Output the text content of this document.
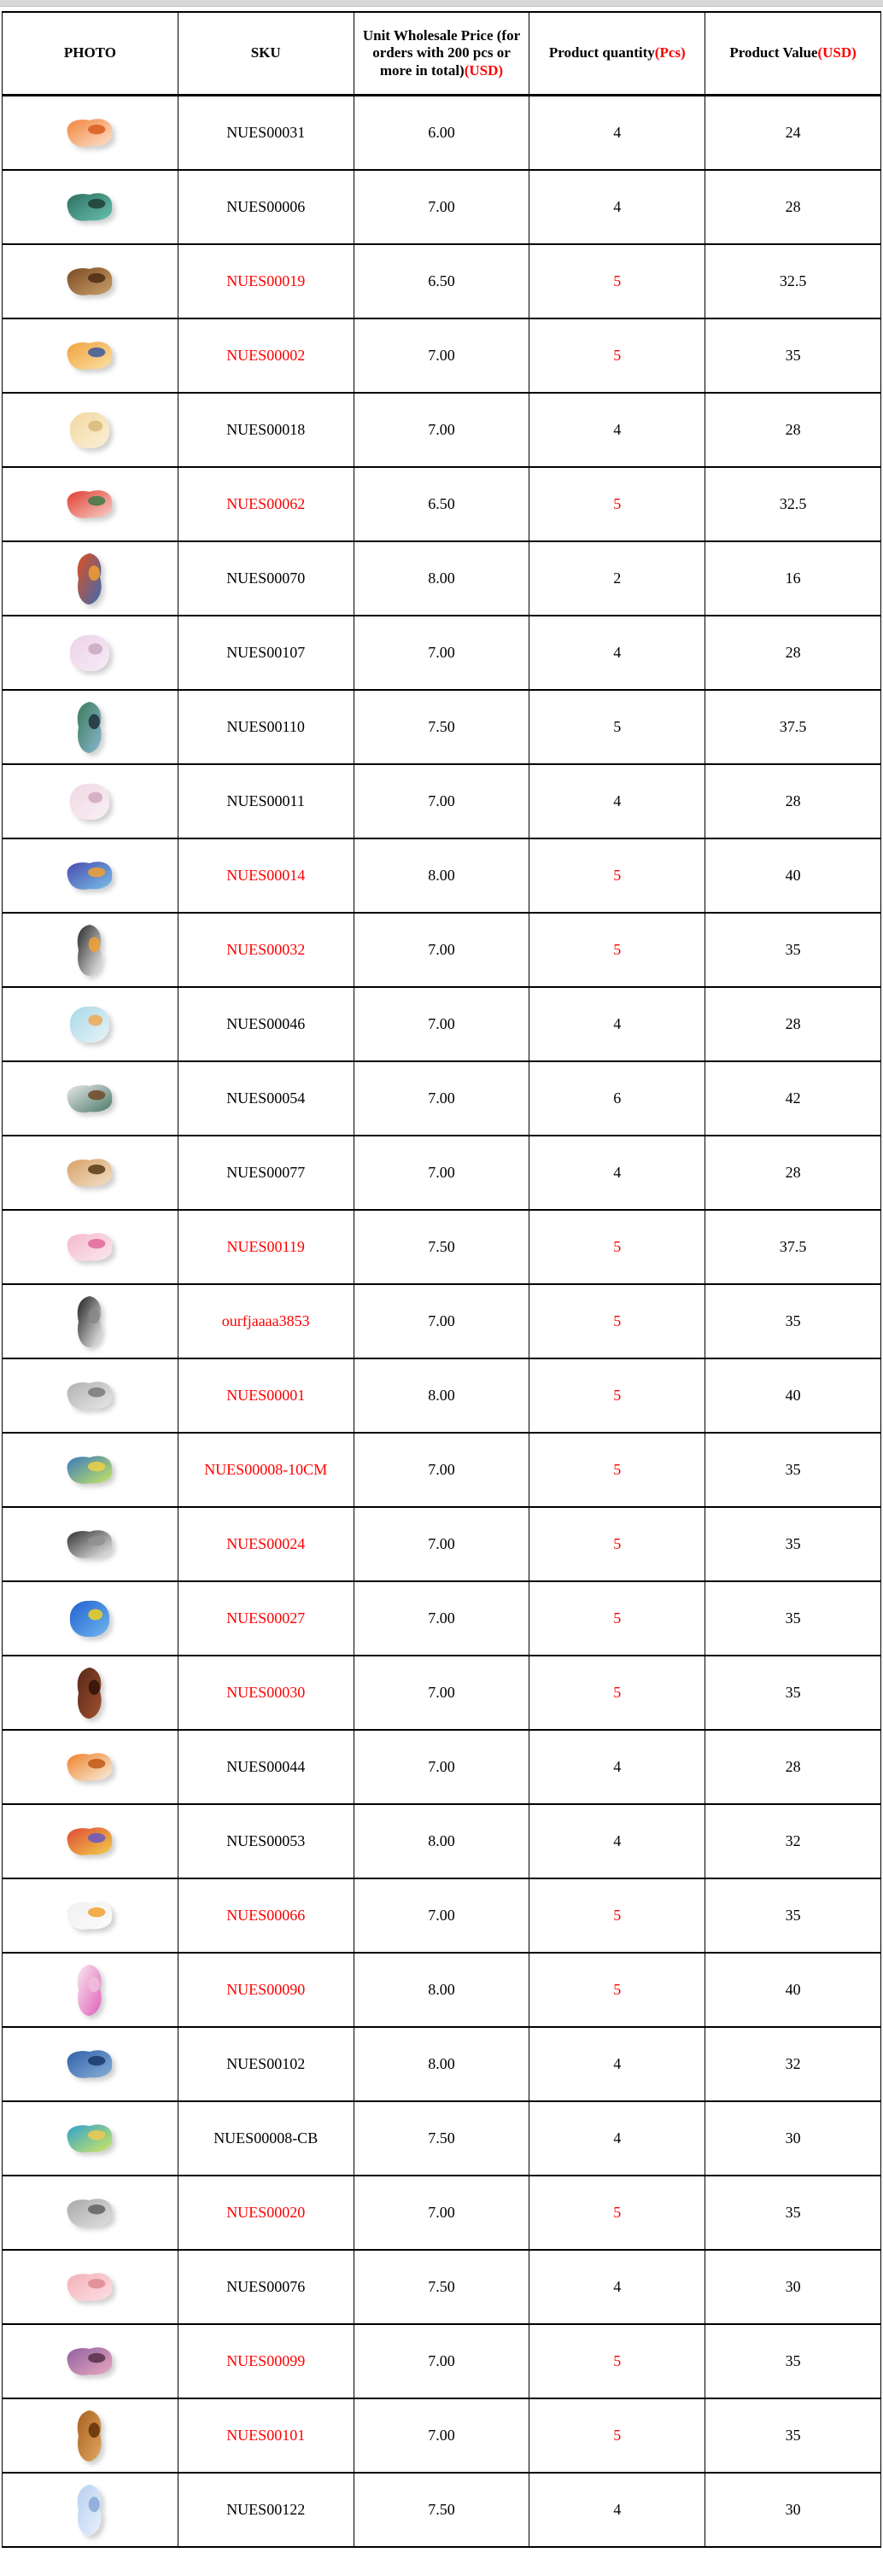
PHOTO	SKU	Unit Wholesale Price (for orders with 200 pcs or more in total)(USD)	Product quantity(Pcs)	Product Value(USD)

	NUES00031	6.00	4	24

	NUES00006	7.00	4	28

	NUES00019	6.50	5	32.5

	NUES00002	7.00	5	35

	NUES00018	7.00	4	28

	NUES00062	6.50	5	32.5

	NUES00070	8.00	2	16

	NUES00107	7.00	4	28

	NUES00110	7.50	5	37.5

	NUES00011	7.00	4	28

	NUES00014	8.00	5	40

	NUES00032	7.00	5	35

	NUES00046	7.00	4	28

	NUES00054	7.00	6	42

	NUES00077	7.00	4	28

	NUES00119	7.50	5	37.5

	ourfjaaaa3853	7.00	5	35

	NUES00001	8.00	5	40

	NUES00008-10CM	7.00	5	35

	NUES00024	7.00	5	35

	NUES00027	7.00	5	35

	NUES00030	7.00	5	35

	NUES00044	7.00	4	28

	NUES00053	8.00	4	32

	NUES00066	7.00	5	35

	NUES00090	8.00	5	40

	NUES00102	8.00	4	32

	NUES00008-CB	7.50	4	30

	NUES00020	7.00	5	35

	NUES00076	7.50	4	30

	NUES00099	7.00	5	35

	NUES00101	7.00	5	35

	NUES00122	7.50	4	30
